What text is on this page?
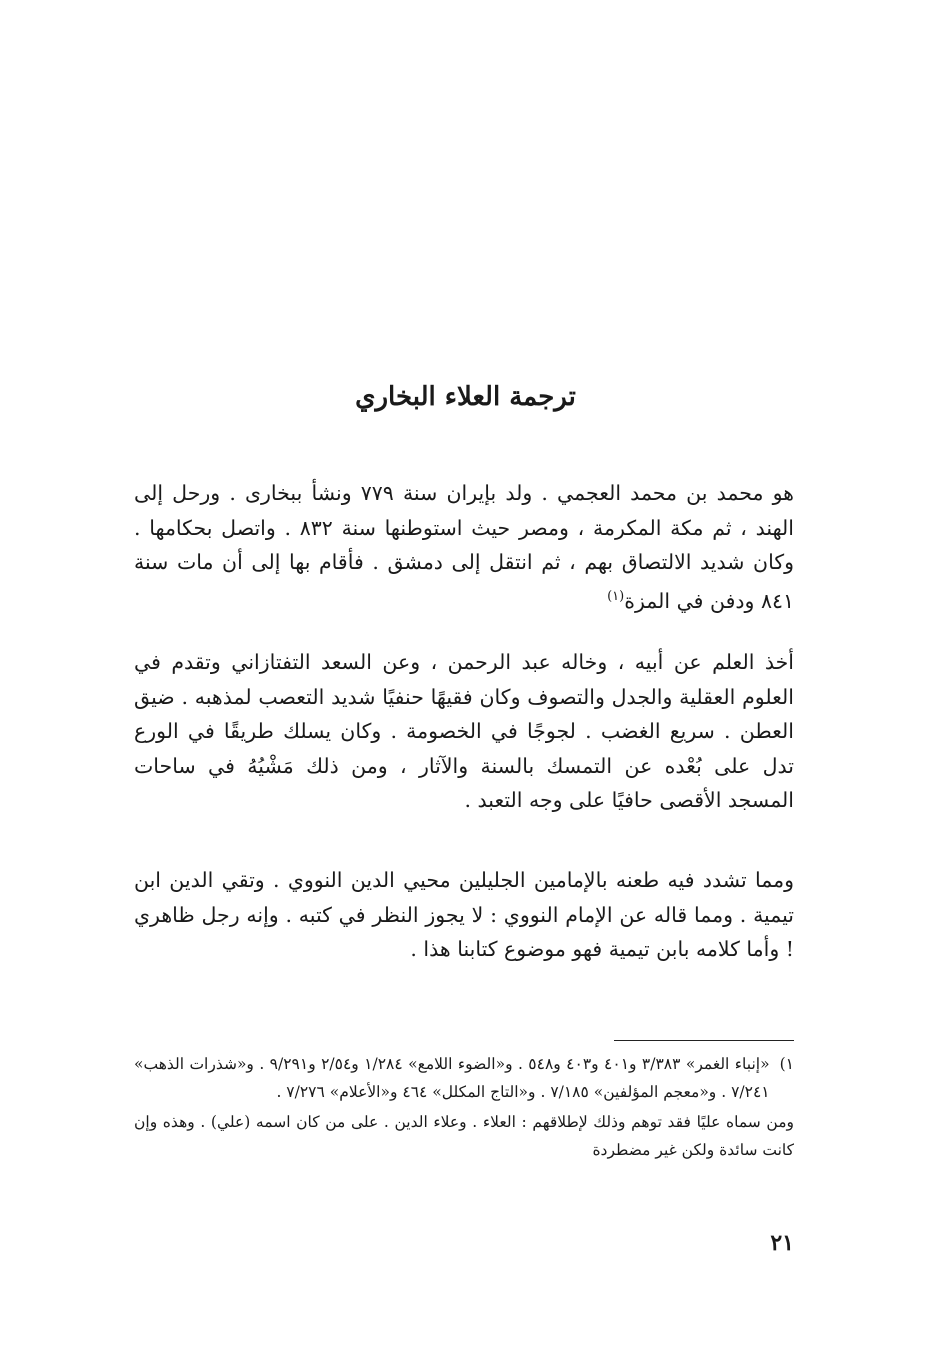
ترجمة العلاء البخاري

هو محمد بن محمد العجمي . ولد بإيران سنة ٧٧٩ ونشأ ببخارى . ورحل إلى الهند ، ثم مكة المكرمة ، ومصر حيث استوطنها سنة ٨٣٢ . واتصل بحكامها . وكان شديد الالتصاق بهم ، ثم انتقل إلى دمشق . فأقام بها إلى أن مات سنة ٨٤١ ودفن في المزة$^{(١)}$

أخذ العلم عن أبيه ، وخاله عبد الرحمن ، وعن السعد التفتازاني وتقدم في العلوم العقلية والجدل والتصوف وكان فقيهًا حنفيًا شديد التعصب لمذهبه . ضيق العطن . سريع الغضب . لجوجًا في الخصومة . وكان يسلك طريقًا في الورع تدل على بُعْده عن التمسك بالسنة والآثار ، ومن ذلك مَشْيُهُ في ساحات المسجد الأقصى حافيًا على وجه التعبد .

ومما تشدد فيه طعنه بالإمامين الجليلين محيي الدين النووي . وتقي الدين ابن تيمية . ومما قاله عن الإمام النووي : لا يجوز النظر في كتبه . وإنه رجل ظاهري ! وأما كلامه بابن تيمية فهو موضوع كتابنا هذا .

١)
«إنباء الغمر» ٣/٣٨٣ و٤٠١ و٤٠٣ و٥٤٨ . و«الضوء اللامع» ١/٢٨٤ و٢/٥٤ و٩/٢٩١ . و«شذرات الذهب» ٧/٢٤١ . و«معجم المؤلفين» ٧/١٨٥ . و«التاج المكلل» ٤٦٤ و«الأعلام» ٧/٢٧٦ .
ومن سماه عليًا فقد توهم وذلك لإطلاقهم : العلاء . وعلاء الدين . على من كان اسمه (علي) . وهذه وإن كانت سائدة ولكن غير مضطردة
٢١
